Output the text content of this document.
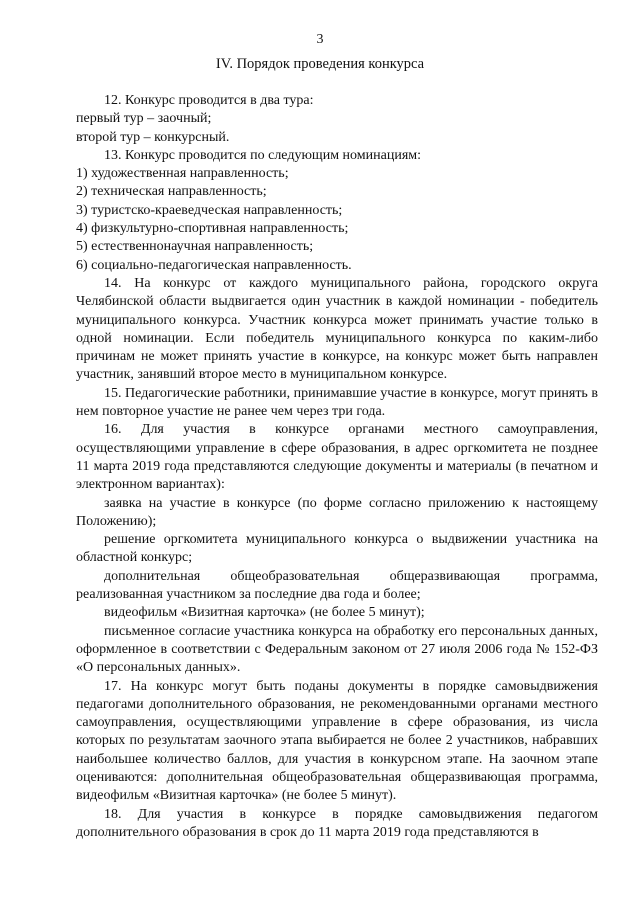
3
IV. Порядок проведения конкурса

12. Конкурс проводится в два тура:

первый тур – заочный;

второй тур – конкурсный.

13. Конкурс проводится по следующим номинациям:

1) художественная направленность;

2) техническая направленность;

3) туристско-краеведческая направленность;

4) физкультурно-спортивная направленность;

5) естественнонаучная направленность;

6) социально-педагогическая направленность.

14. На конкурс от каждого муниципального района, городского округа Челябинской области выдвигается один участник в каждой номинации - победитель муниципального конкурса. Участник конкурса может принимать участие только в одной номинации. Если победитель муниципального конкурса по каким-либо причинам не может принять участие в конкурсе, на конкурс может быть направлен участник, занявший второе место в муниципальном конкурсе.

15. Педагогические работники, принимавшие участие в конкурсе, могут принять в нем повторное участие не ранее чем через три года.

16. Для участия в конкурсе органами местного самоуправления, осуществляющими управление в сфере образования, в адрес оргкомитета не позднее 11 марта 2019 года представляются следующие документы и материалы (в печатном и электронном вариантах):

заявка на участие в конкурсе (по форме согласно приложению к настоящему Положению);

решение оргкомитета муниципального конкурса о выдвижении участника на областной конкурс;

дополнительная общеобразовательная общеразвивающая программа, реализованная участником за последние два года и более;

видеофильм «Визитная карточка» (не более 5 минут);

письменное согласие участника конкурса на обработку его персональных данных, оформленное в соответствии с Федеральным законом от 27 июля 2006 года № 152-ФЗ «О персональных данных».

17. На конкурс могут быть поданы документы в порядке самовыдвижения педагогами дополнительного образования, не рекомендованными органами местного самоуправления, осуществляющими управление в сфере образования, из числа которых по результатам заочного этапа выбирается не более 2 участников, набравших наибольшее количество баллов, для участия в конкурсном этапе. На заочном этапе оцениваются: дополнительная общеобразовательная общеразвивающая программа, видеофильм «Визитная карточка» (не более 5 минут).

18. Для участия в конкурсе в порядке самовыдвижения педагогом дополнительного образования в срок до 11 марта 2019 года представляются в
